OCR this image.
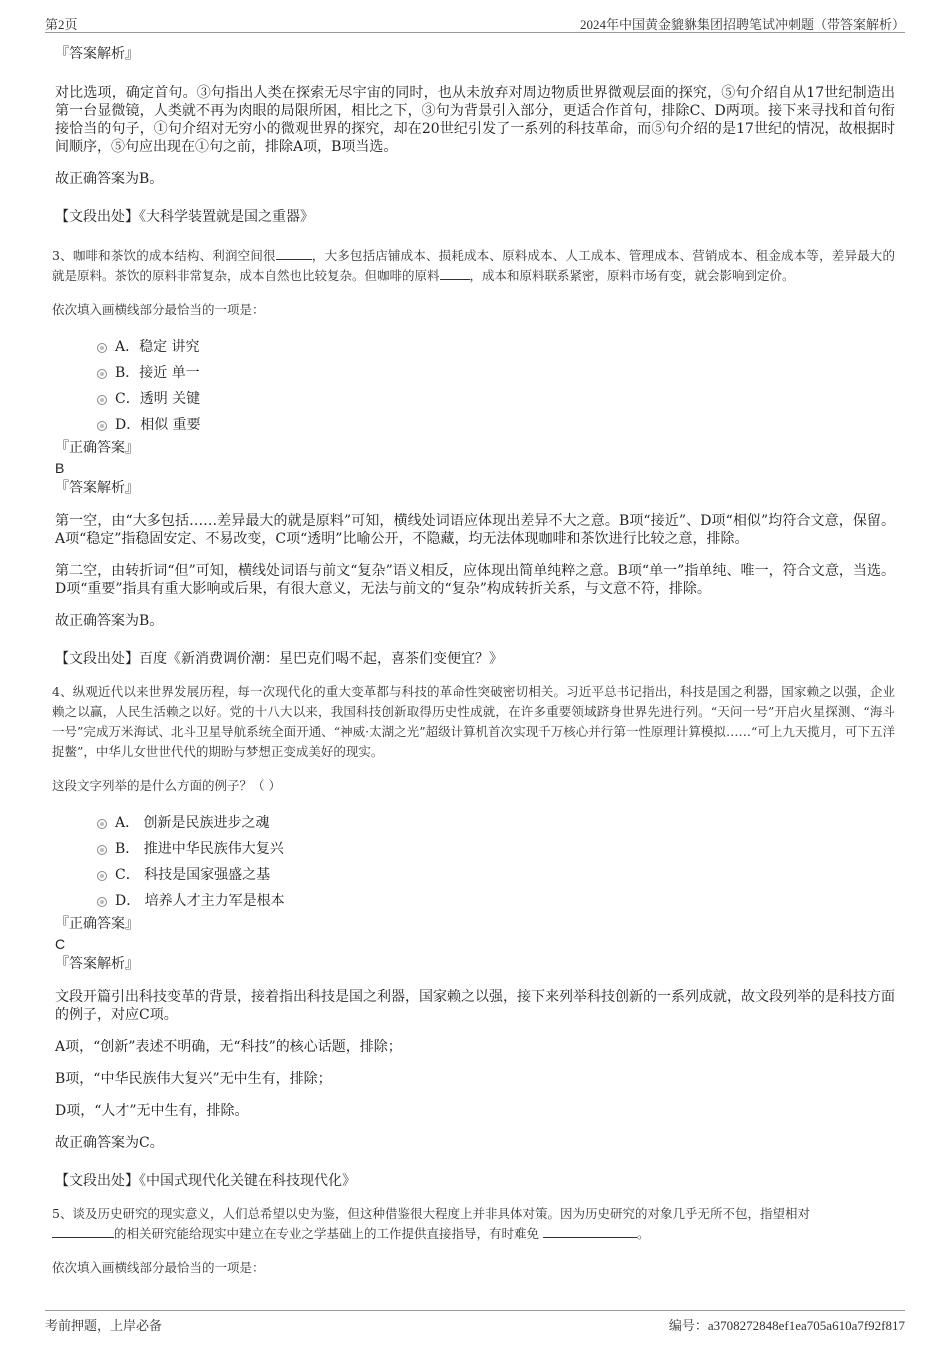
第2页	2024年中国黄金貔貅集团招聘笔试冲刺题（带答案解析）

『答案解析』

对比选项，确定首句。③句指出人类在探索无尽宇宙的同时，也从未放弃对周边物质世界微观层面的探究，⑤句介绍自从17世纪制造出第一台显微镜，人类就不再为肉眼的局限所困，相比之下，③句为背景引入部分，更适合作首句，排除C、D两项。接下来寻找和首句衔接恰当的句子，①句介绍对无穷小的微观世界的探究，却在20世纪引发了一系列的科技革命，而⑤句介绍的是17世纪的情况，故根据时间顺序，⑤句应出现在①句之前，排除A项，B项当选。

故正确答案为B。

【文段出处】《大科学装置就是国之重器》

3、咖啡和茶饮的成本结构、利润空间很	，大多包括店铺成本、损耗成本、原料成本、人工成本、管理成本、营销成本、租金成本等，差异最大的就是原料。茶饮的原料非常复杂，成本自然也比较复杂。但咖啡的原料 ，成本和原料联系紧密，原料市场有变，就会影响到定价。

依次填入画横线部分最恰当的一项是：

A．稳定 讲究
B．接近 单一
C．透明 关键
D．相似 重要

『正确答案』

B

『答案解析』

第一空，由“大多包括……差异最大的就是原料”可知，横线处词语应体现出差异不大之意。B项“接近”、D项“相似”均符合文意，保留。A项“稳定”指稳固安定、不易改变，C项“透明”比喻公开，不隐藏，均无法体现咖啡和茶饮进行比较之意，排除。

第二空，由转折词“但”可知，横线处词语与前文“复杂”语义相反，应体现出简单纯粹之意。B项“单一”指单纯、唯一，符合文意，当选。D项“重要”指具有重大影响或后果，有很大意义，无法与前文的“复杂”构成转折关系，与文意不符，排除。

故正确答案为B。

【文段出处】百度《新消费调价潮：星巴克们喝不起，喜茶们变便宜？》

4、纵观近代以来世界发展历程，每一次现代化的重大变革都与科技的革命性突破密切相关。习近平总书记指出，科技是国之利器，国家赖之以强，企业赖之以赢，人民生活赖之以好。党的十八大以来，我国科技创新取得历史性成就，在许多重要领域跻身世界先进行列。“天问一号”开启火星探测、“海斗一号”完成万米海试、北斗卫星导航系统全面开通、“神威·太湖之光”超级计算机首次实现千万核心并行第一性原理计算模拟……“可上九天揽月，可下五洋捉鳖”，中华儿女世世代代的期盼与梦想正变成美好的现实。

这段文字列举的是什么方面的例子？（ ）

A． 创新是民族进步之魂
B． 推进中华民族伟大复兴
C． 科技是国家强盛之基
D． 培养人才主力军是根本

『正确答案』

C

『答案解析』

文段开篇引出科技变革的背景，接着指出科技是国之利器，国家赖之以强，接下来列举科技创新的一系列成就，故文段列举的是科技方面的例子，对应C项。

A项，“创新”表述不明确，无“科技”的核心话题，排除；

B项，“中华民族伟大复兴”无中生有，排除；

D项，“人才”无中生有，排除。

故正确答案为C。

【文段出处】《中国式现代化关键在科技现代化》

5、谈及历史研究的现实意义，人们总希望以史为鉴，但这种借鉴很大程度上并非具体对策。因为历史研究的对象几乎无所不包，指望相对
的相关研究能给现实中建立在专业之学基础上的工作提供直接指导，有时难免	。

依次填入画横线部分最恰当的一项是：

考前押题，上岸必备	编号：a3708272848ef1ea705a610a7f92f817
